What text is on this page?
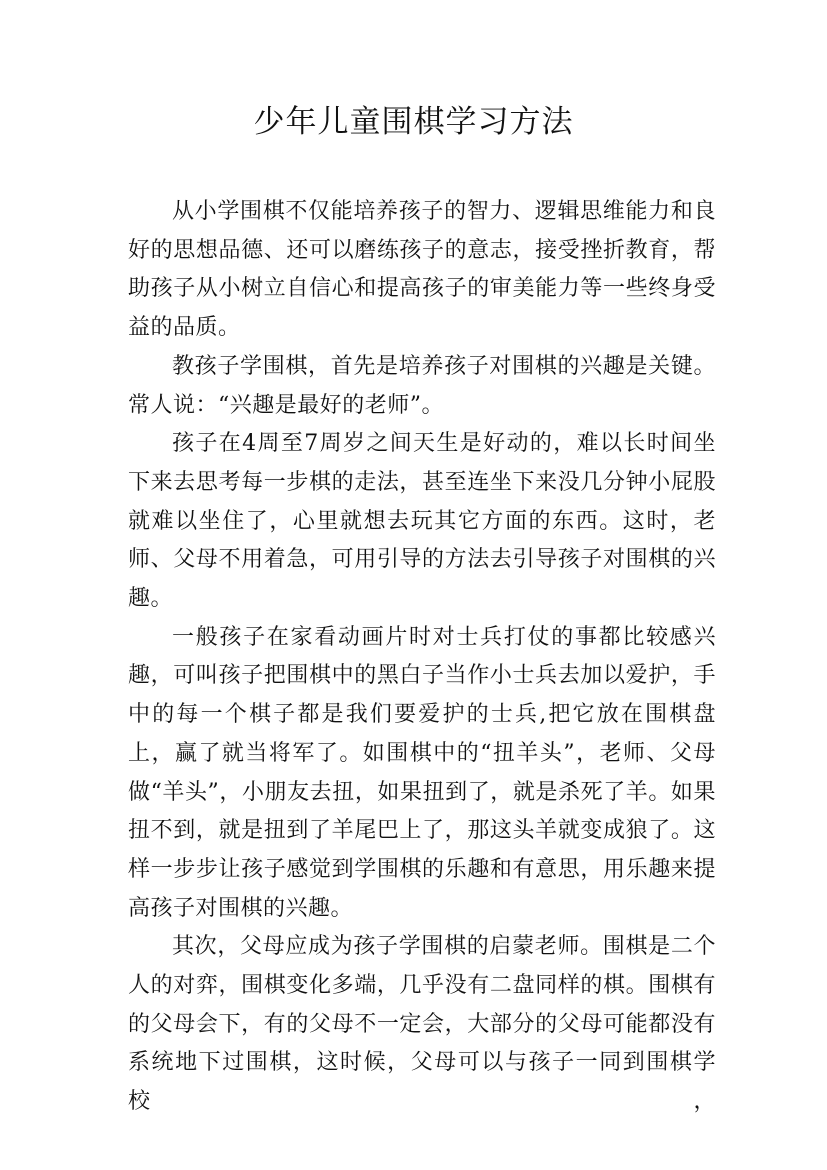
少年儿童围棋学习方法

从小学围棋不仅能培养孩子的智力、逻辑思维能力和良好的思想品德、还可以磨练孩子的意志，接受挫折教育，帮助孩子从小树立自信心和提高孩子的审美能力等一些终身受益的品质。

教孩子学围棋，首先是培养孩子对围棋的兴趣是关键。常人说：“兴趣是最好的老师”。

孩子在4周至7周岁之间天生是好动的，难以长时间坐下来去思考每一步棋的走法，甚至连坐下来没几分钟小屁股就难以坐住了，心里就想去玩其它方面的东西。这时，老师、父母不用着急，可用引导的方法去引导孩子对围棋的兴趣。

一般孩子在家看动画片时对士兵打仗的事都比较感兴趣，可叫孩子把围棋中的黑白子当作小士兵去加以爱护，手中的每一个棋子都是我们要爱护的士兵,把它放在围棋盘上，赢了就当将军了。如围棋中的“扭羊头”，老师、父母做“羊头”，小朋友去扭，如果扭到了，就是杀死了羊。如果扭不到，就是扭到了羊尾巴上了，那这头羊就变成狼了。这样一步步让孩子感觉到学围棋的乐趣和有意思，用乐趣来提高孩子对围棋的兴趣。

其次，父母应成为孩子学围棋的启蒙老师。围棋是二个人的对弈，围棋变化多端，几乎没有二盘同样的棋。围棋有的父母会下，有的父母不一定会，大部分的父母可能都没有系统地下过围棋，这时候，父母可以与孩子一同到围棋学校，
